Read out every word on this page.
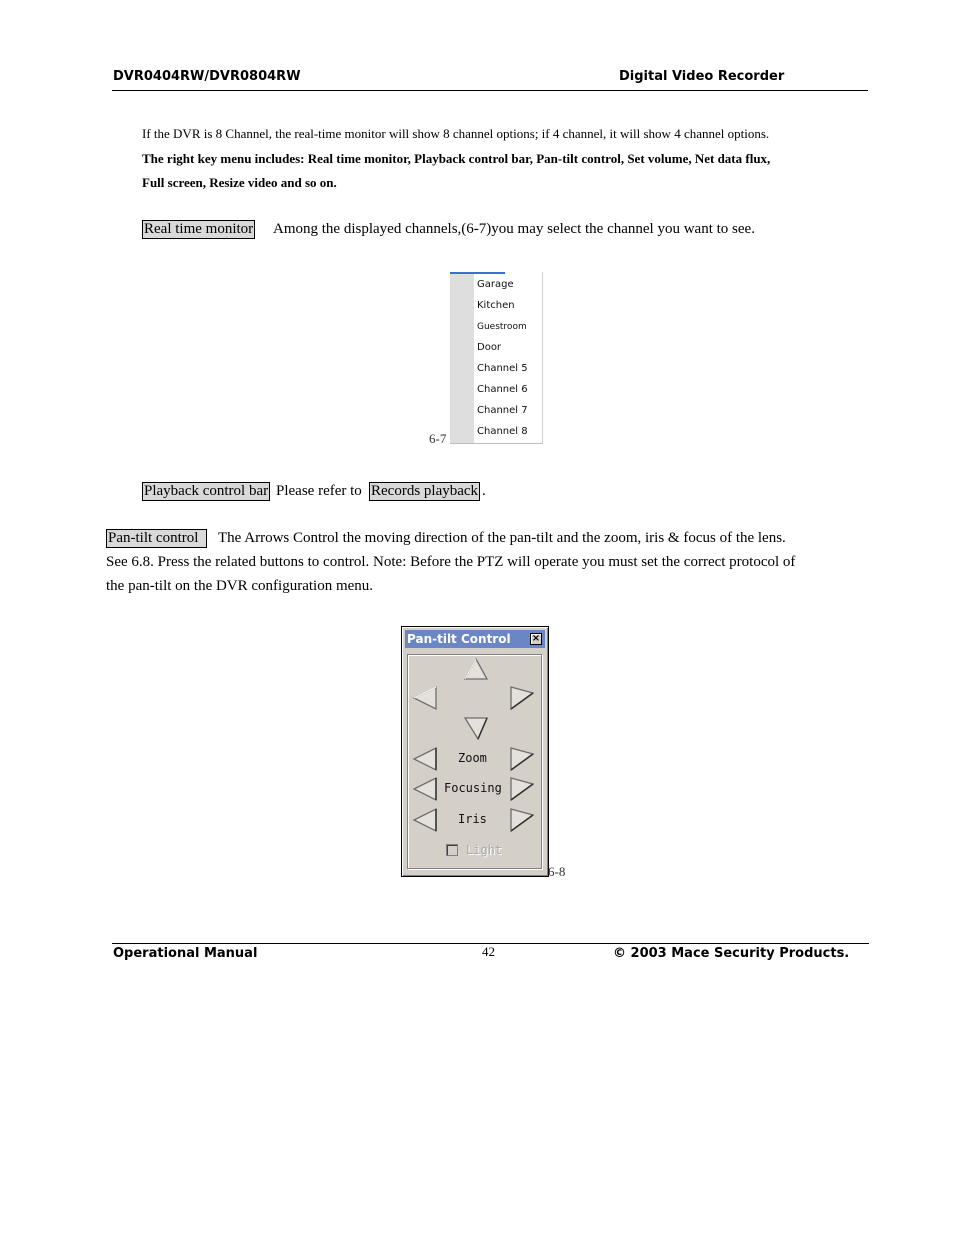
DVR0404RW/DVR0804RW	Digital Video Recorder
If the DVR is 8 Channel, the real-time monitor will show 8 channel options; if 4 channel, it will show 4 channel options.
The right key menu includes: Real time monitor, Playback control bar, Pan-tilt control, Set volume, Net data flux,
Full screen, Resize video and so on.
Real time monitor Among the displayed channels,(6-7)you may select the channel you want to see.
6-7
Garage
Kitchen
Guestroom
Door
Channel 5
Channel 6
Channel 7
Channel 8
Playback control bar Please refer to Records playback .
Pan-tilt control	The Arrows Control the moving direction of the pan-tilt and the zoom, iris & focus of the lens.
See 6.8. Press the related buttons to control. Note: Before the PTZ will operate you must set the correct protocol of
the pan-tilt on the DVR configuration menu.
Pan-tilt Control ×
Zoom
Focusing
Iris
Light
6-8
Operational Manual	42	© 2003 Mace Security Products.
